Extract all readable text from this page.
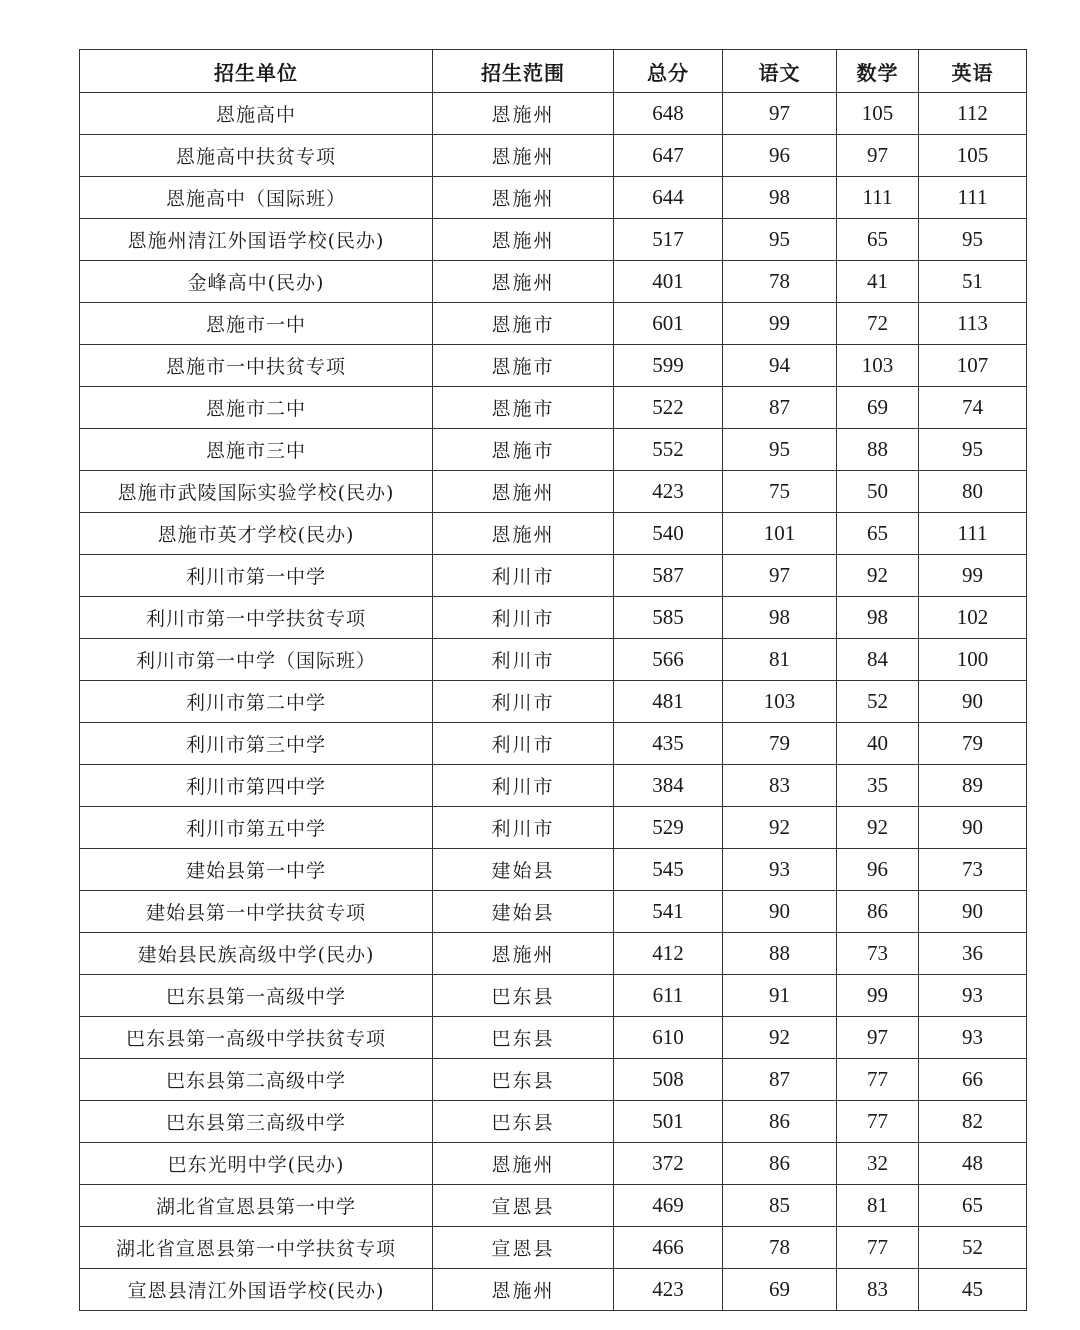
招生单位	招生范围	总分	语文	数学	英语
恩施高中	恩施州	648	97	105	112
恩施高中扶贫专项	恩施州	647	96	97	105
恩施高中（国际班）	恩施州	644	98	111	111
恩施州清江外国语学校(民办)	恩施州	517	95	65	95
金峰高中(民办)	恩施州	401	78	41	51
恩施市一中	恩施市	601	99	72	113
恩施市一中扶贫专项	恩施市	599	94	103	107
恩施市二中	恩施市	522	87	69	74
恩施市三中	恩施市	552	95	88	95
恩施市武陵国际实验学校(民办)	恩施州	423	75	50	80
恩施市英才学校(民办)	恩施州	540	101	65	111
利川市第一中学	利川市	587	97	92	99
利川市第一中学扶贫专项	利川市	585	98	98	102
利川市第一中学（国际班）	利川市	566	81	84	100
利川市第二中学	利川市	481	103	52	90
利川市第三中学	利川市	435	79	40	79
利川市第四中学	利川市	384	83	35	89
利川市第五中学	利川市	529	92	92	90
建始县第一中学	建始县	545	93	96	73
建始县第一中学扶贫专项	建始县	541	90	86	90
建始县民族高级中学(民办)	恩施州	412	88	73	36
巴东县第一高级中学	巴东县	611	91	99	93
巴东县第一高级中学扶贫专项	巴东县	610	92	97	93
巴东县第二高级中学	巴东县	508	87	77	66
巴东县第三高级中学	巴东县	501	86	77	82
巴东光明中学(民办)	恩施州	372	86	32	48
湖北省宣恩县第一中学	宣恩县	469	85	81	65
湖北省宣恩县第一中学扶贫专项	宣恩县	466	78	77	52
宣恩县清江外国语学校(民办)	恩施州	423	69	83	45
